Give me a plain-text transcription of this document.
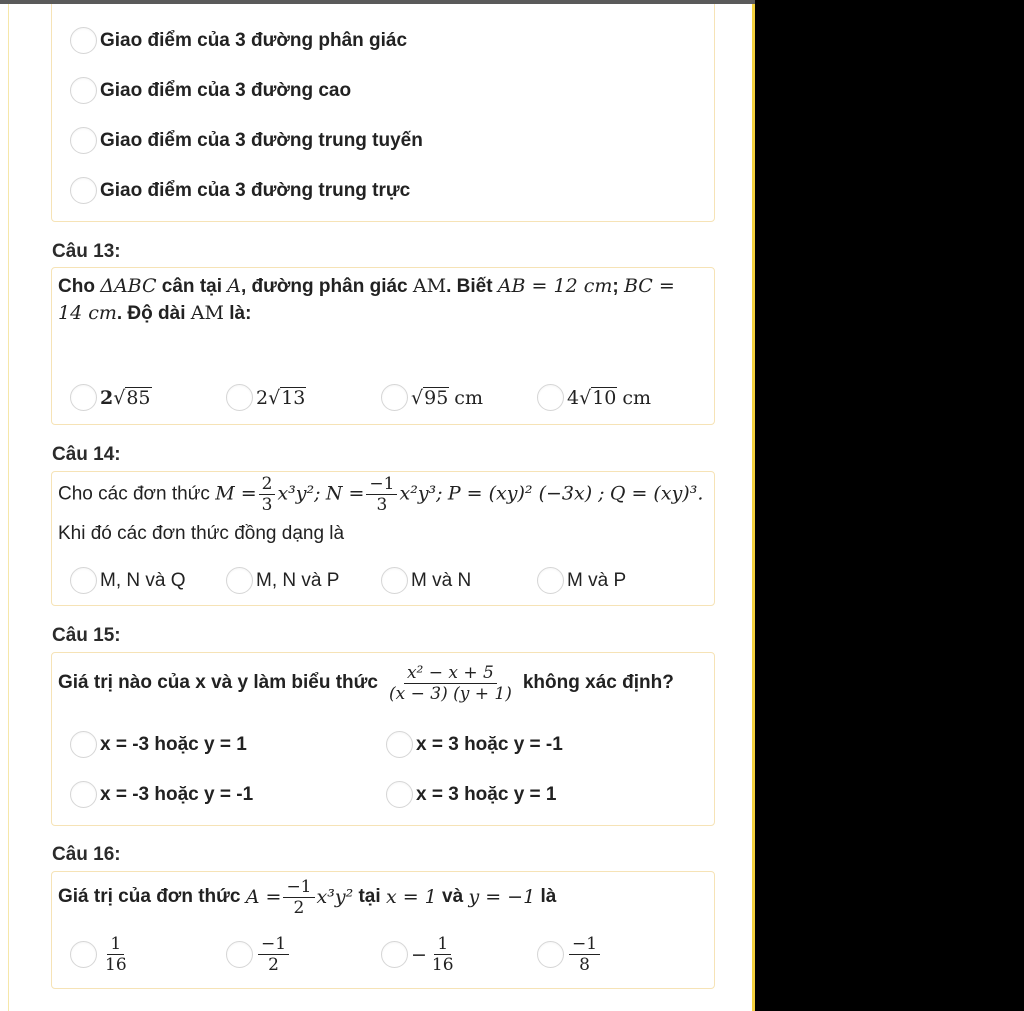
Giao điểm của 3 đường phân giác
Giao điểm của 3 đường cao
Giao điểm của 3 đường trung tuyến
Giao điểm của 3 đường trung trực
Câu 13:
Cho ΔABC cân tại A, đường phân giác AM. Biết AB = 12 cm; BC =
14 cm. Độ dài AM là:
2 √ 85	2 √ 13	√ 95 cm	4 √ 10 cm
Câu 14:
Cho các đơn thức $M = \frac{2}{3} x^3y^2$; $N = \frac{-1}{3} x^2y^3$; P = (xy)² (−3x) ; Q = (xy)³.
Khi đó các đơn thức đồng dạng là
M, N và Q	M, N và P	M và N	M và P
Câu 15:
Giá trị nào của x và y làm biểu thức $\frac{\text{x² − x + 5}}{(x - 3) (y + 1)}$ không xác định?
x = -3 hoặc y = 1	x = 3 hoặc y = -1
x = -3 hoặc y = -1	x = 3 hoặc y = 1
Câu 16:
Giá trị của đơn thức
$A = \frac{-1}{2} x^3y^2$
tại
x = 1
và
y = −1
là
$\frac{1}{16}$	$\frac{-1}{2}$	− $\frac{1}{16}$	$\frac{-1}{8}$
